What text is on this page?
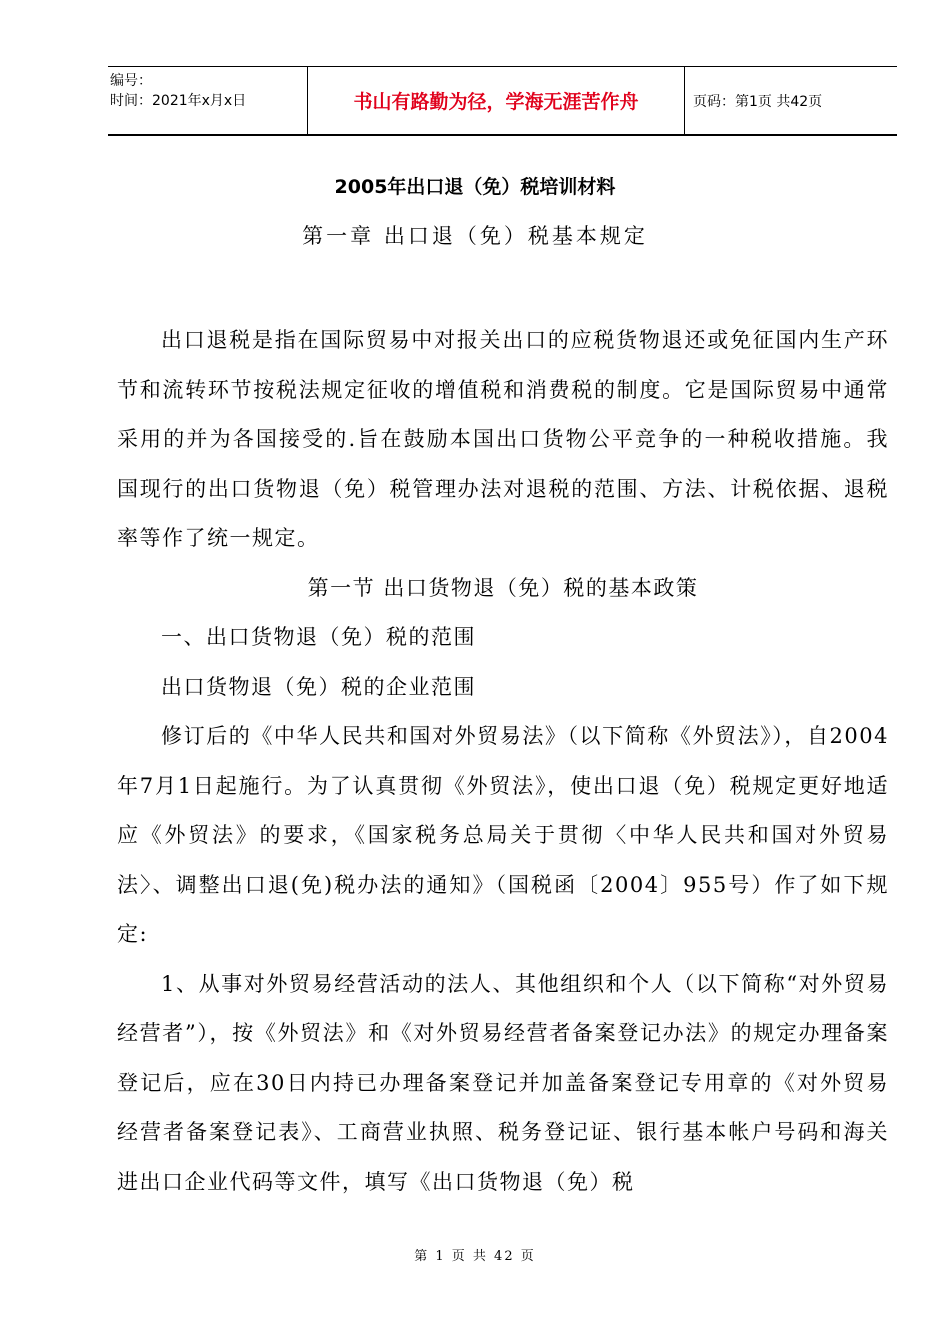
编号：
时间：2021年x月x日	书山有路勤为径，学海无涯苦作舟	页码：第1页 共42页
2005年出口退（免）税培训材料
第一章 出口退（免）税基本规定

出口退税是指在国际贸易中对报关出口的应税货物退还或免征国内生产环节和流转环节按税法规定征收的增值税和消费税的制度。它是国际贸易中通常采用的并为各国接受的.旨在鼓励本国出口货物公平竞争的一种税收措施。我国现行的出口货物退（免）税管理办法对退税的范围、方法、计税依据、退税率等作了统一规定。

第一节 出口货物退（免）税的基本政策

一、出口货物退（免）税的范围

出口货物退（免）税的企业范围

修订后的《中华人民共和国对外贸易法》（以下简称《外贸法》），自2004年7月1日起施行。为了认真贯彻《外贸法》，使出口退（免）税规定更好地适应《外贸法》的要求，《国家税务总局关于贯彻〈中华人民共和国对外贸易法〉、调整出口退(免)税办法的通知》（国税函〔2004〕955号）作了如下规定:

1、从事对外贸易经营活动的法人、其他组织和个人（以下简称“对外贸易经营者”），按《外贸法》和《对外贸易经营者备案登记办法》的规定办理备案登记后，应在30日内持已办理备案登记并加盖备案登记专用章的《对外贸易经营者备案登记表》、工商营业执照、税务登记证、银行基本帐户号码和海关进出口企业代码等文件，填写《出口货物退（免）税

第 1 页 共 42 页
